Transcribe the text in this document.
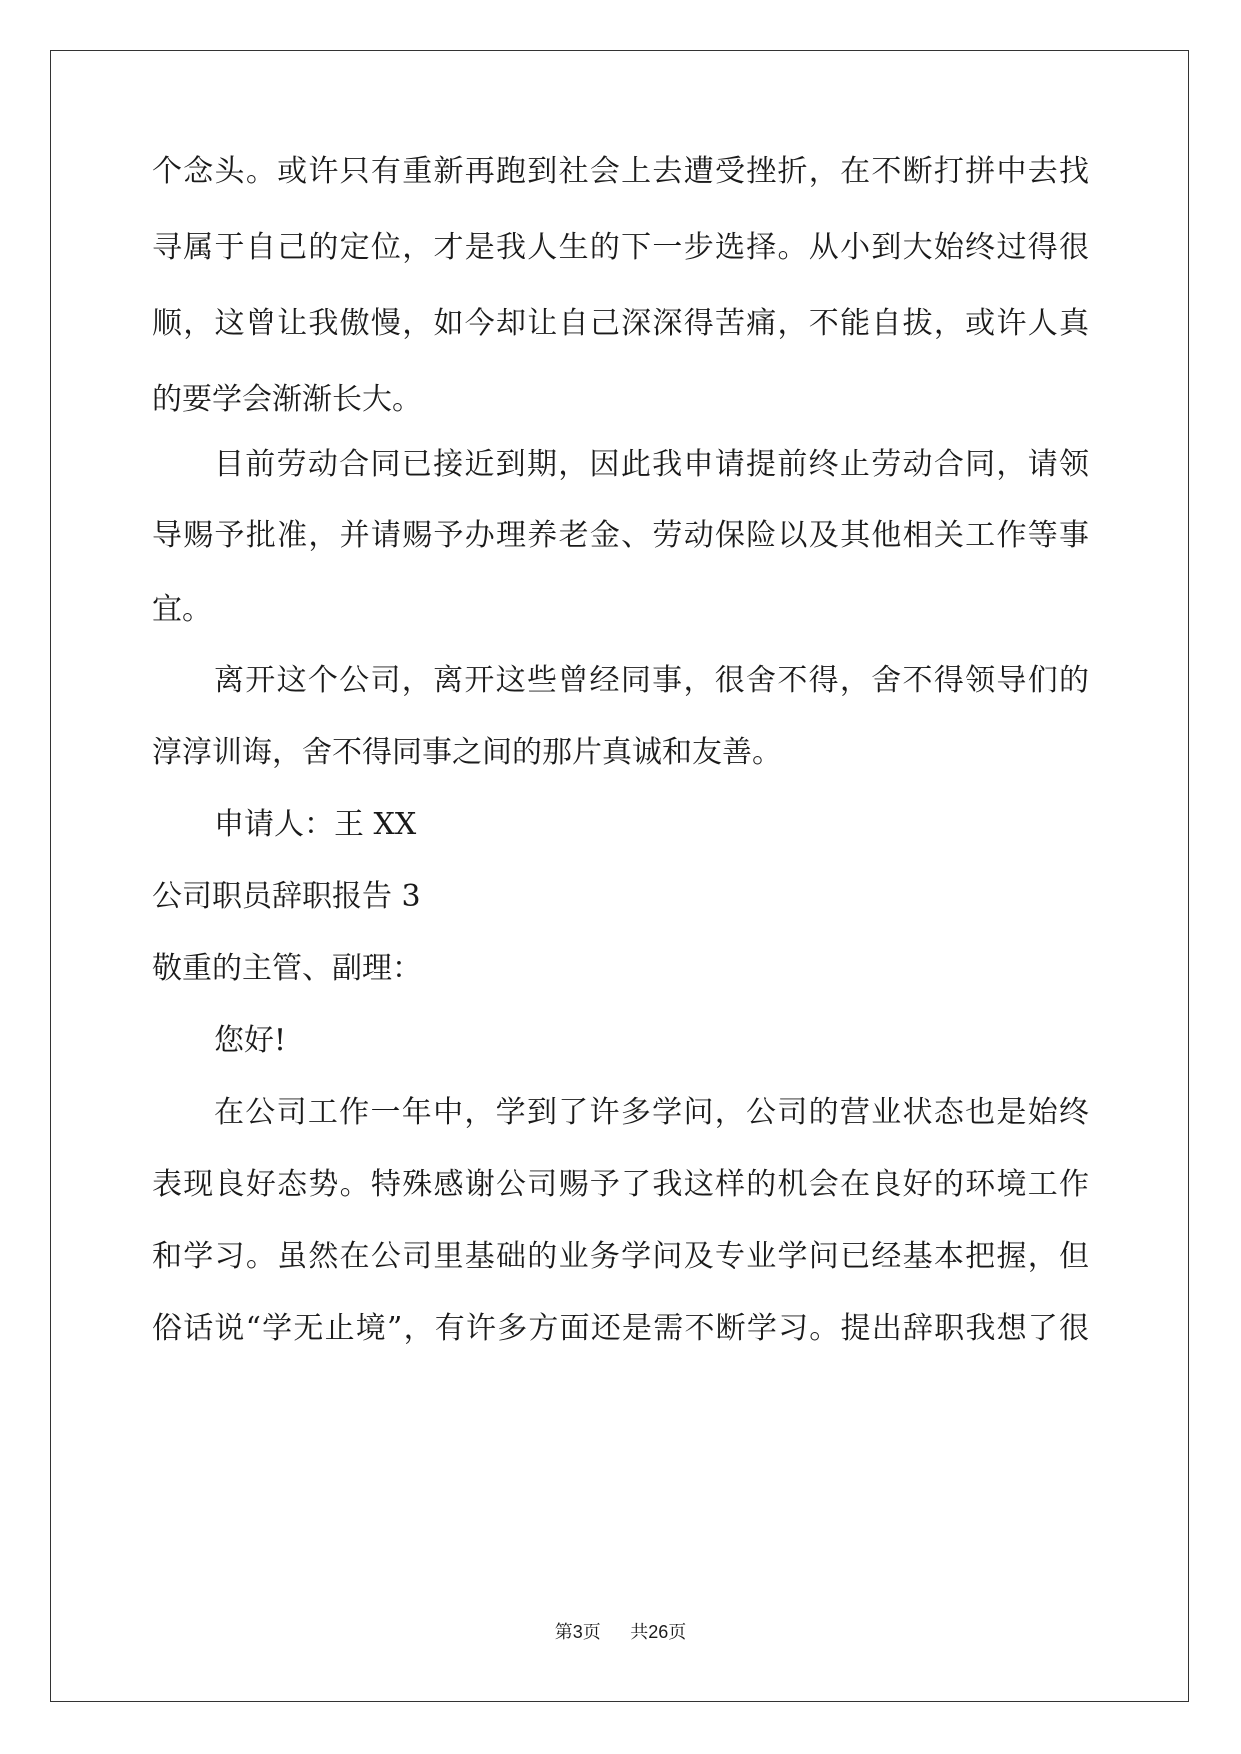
个念头。或许只有重新再跑到社会上去遭受挫折，在不断打拼中去找
寻属于自己的定位，才是我人生的下一步选择。从小到大始终过得很
顺，这曾让我傲慢，如今却让自己深深得苦痛，不能自拔，或许人真
的要学会渐渐长大。
目前劳动合同已接近到期，因此我申请提前终止劳动合同，请领
导赐予批准，并请赐予办理养老金、劳动保险以及其他相关工作等事
宜。
离开这个公司，离开这些曾经同事，很舍不得，舍不得领导们的
淳淳训诲，舍不得同事之间的那片真诚和友善。
申请人：王 XX
公司职员辞职报告 3
敬重的主管、副理：
您好!
在公司工作一年中，学到了许多学问，公司的营业状态也是始终
表现良好态势。特殊感谢公司赐予了我这样的机会在良好的环境工作
和学习。虽然在公司里基础的业务学问及专业学问已经基本把握，但
俗话说“学无止境”，有许多方面还是需不断学习。提出辞职我想了很
第3页 共26页
